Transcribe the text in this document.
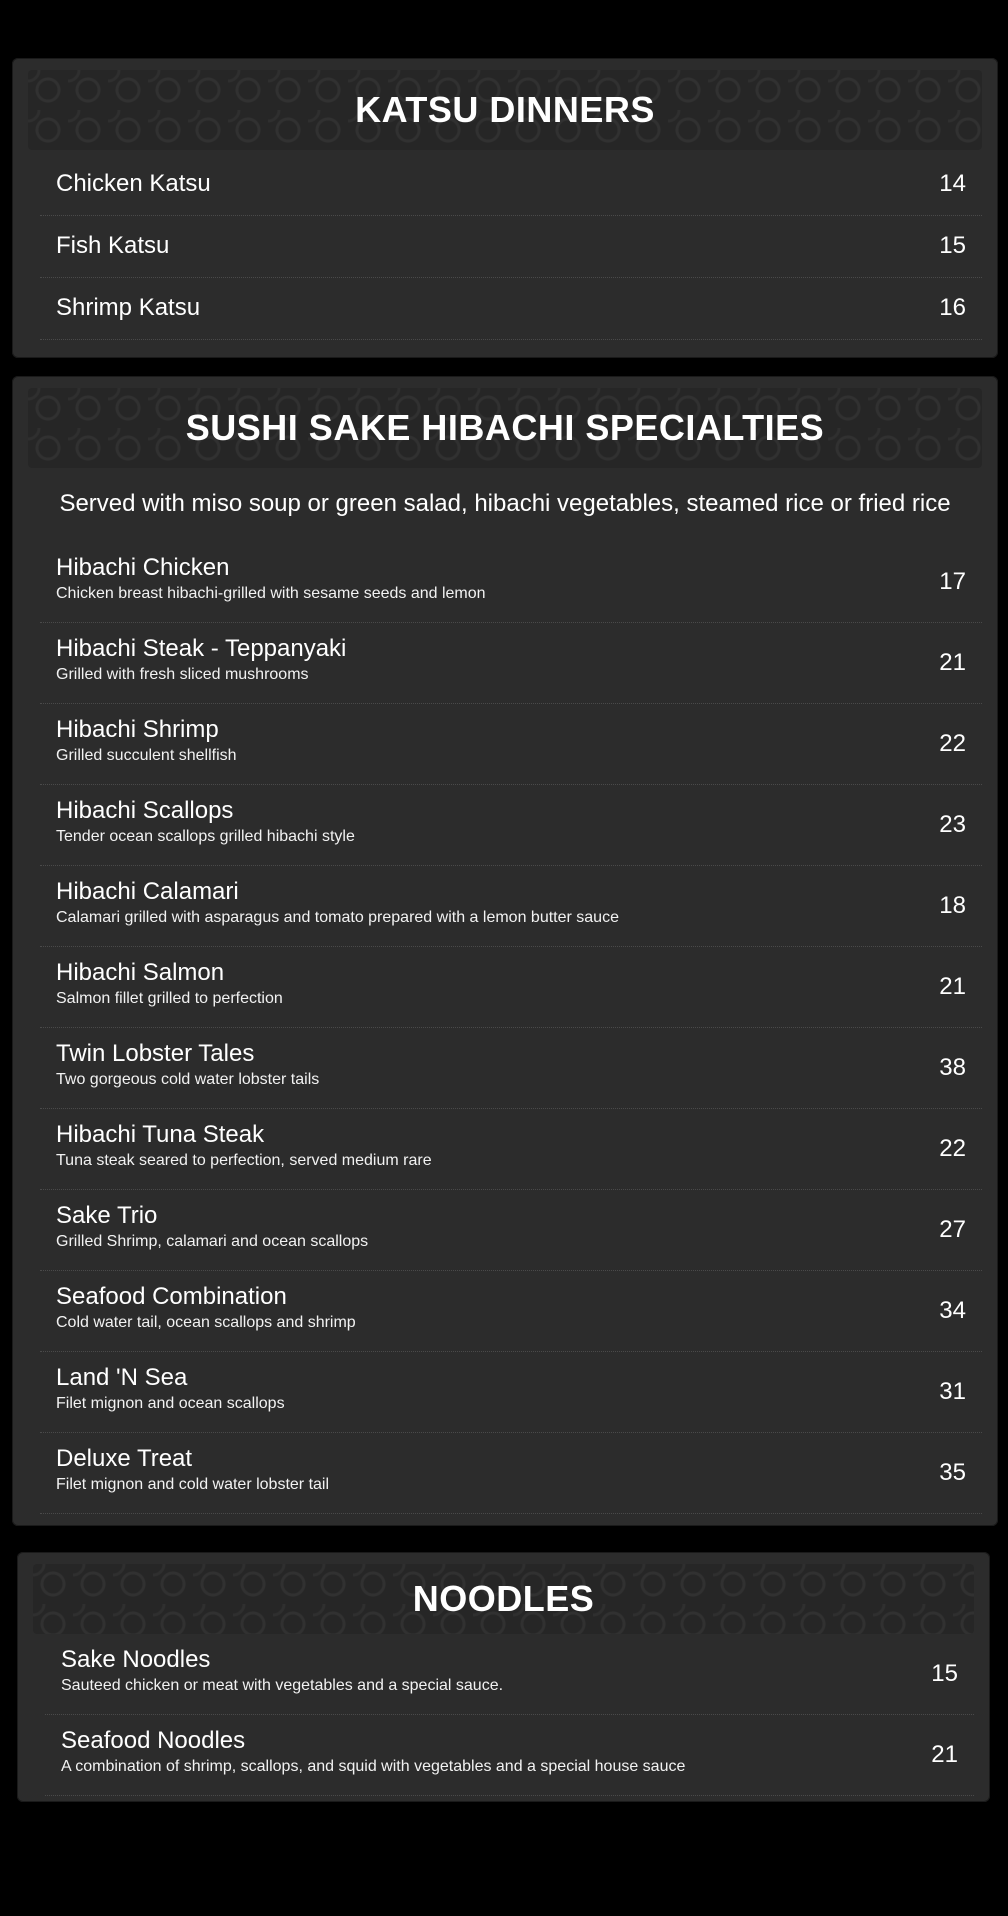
KATSU DINNERS
Chicken Katsu	14
Fish Katsu	15
Shrimp Katsu	16
SUSHI SAKE HIBACHI SPECIALTIES

Served with miso soup or green salad, hibachi vegetables, steamed rice or fried rice

Hibachi Chicken
Chicken breast hibachi-grilled with sesame seeds and lemon	17
Hibachi Steak - Teppanyaki
Grilled with fresh sliced mushrooms	21
Hibachi Shrimp
Grilled succulent shellfish	22
Hibachi Scallops
Tender ocean scallops grilled hibachi style	23
Hibachi Calamari
Calamari grilled with asparagus and tomato prepared with a lemon butter sauce	18
Hibachi Salmon
Salmon fillet grilled to perfection	21
Twin Lobster Tales
Two gorgeous cold water lobster tails	38
Hibachi Tuna Steak
Tuna steak seared to perfection, served medium rare	22
Sake Trio
Grilled Shrimp, calamari and ocean scallops	27
Seafood Combination
Cold water tail, ocean scallops and shrimp	34
Land 'N Sea
Filet mignon and ocean scallops	31
Deluxe Treat
Filet mignon and cold water lobster tail	35
NOODLES
Sake Noodles
Sauteed chicken or meat with vegetables and a special sauce.	15
Seafood Noodles
A combination of shrimp, scallops, and squid with vegetables and a special house sauce	21
